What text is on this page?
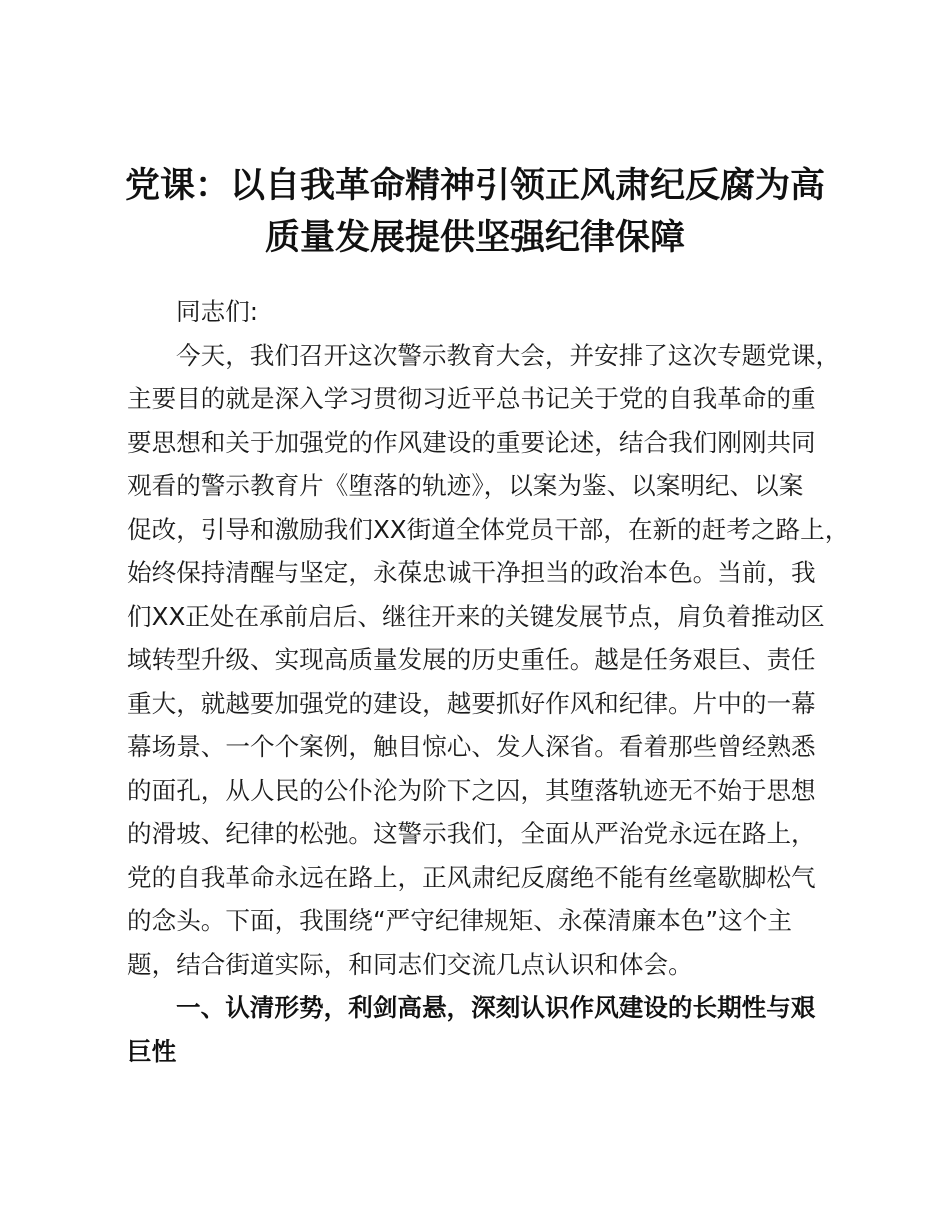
党课：以自我革命精神引领正风肃纪反腐为高
质量发展提供坚强纪律保障
同志们:
今天，我们召开这次警示教育大会，并安排了这次专题党课，
主要目的就是深入学习贯彻习近平总书记关于党的自我革命的重
要思想和关于加强党的作风建设的重要论述，结合我们刚刚共同
观看的警示教育片《堕落的轨迹》，以案为鉴、以案明纪、以案
促改，引导和激励我们XX街道全体党员干部，在新的赶考之路上，
始终保持清醒与坚定，永葆忠诚干净担当的政治本色。当前，我
们XX正处在承前启后、继往开来的关键发展节点，肩负着推动区
域转型升级、实现高质量发展的历史重任。越是任务艰巨、责任
重大，就越要加强党的建设，越要抓好作风和纪律。片中的一幕
幕场景、一个个案例，触目惊心、发人深省。看着那些曾经熟悉
的面孔，从人民的公仆沦为阶下之囚，其堕落轨迹无不始于思想
的滑坡、纪律的松弛。这警示我们，全面从严治党永远在路上，
党的自我革命永远在路上，正风肃纪反腐绝不能有丝毫歇脚松气
的念头。下面，我围绕“严守纪律规矩、永葆清廉本色”这个主
题，结合街道实际，和同志们交流几点认识和体会。
一、认清形势，利剑高悬，深刻认识作风建设的长期性与艰
巨性
